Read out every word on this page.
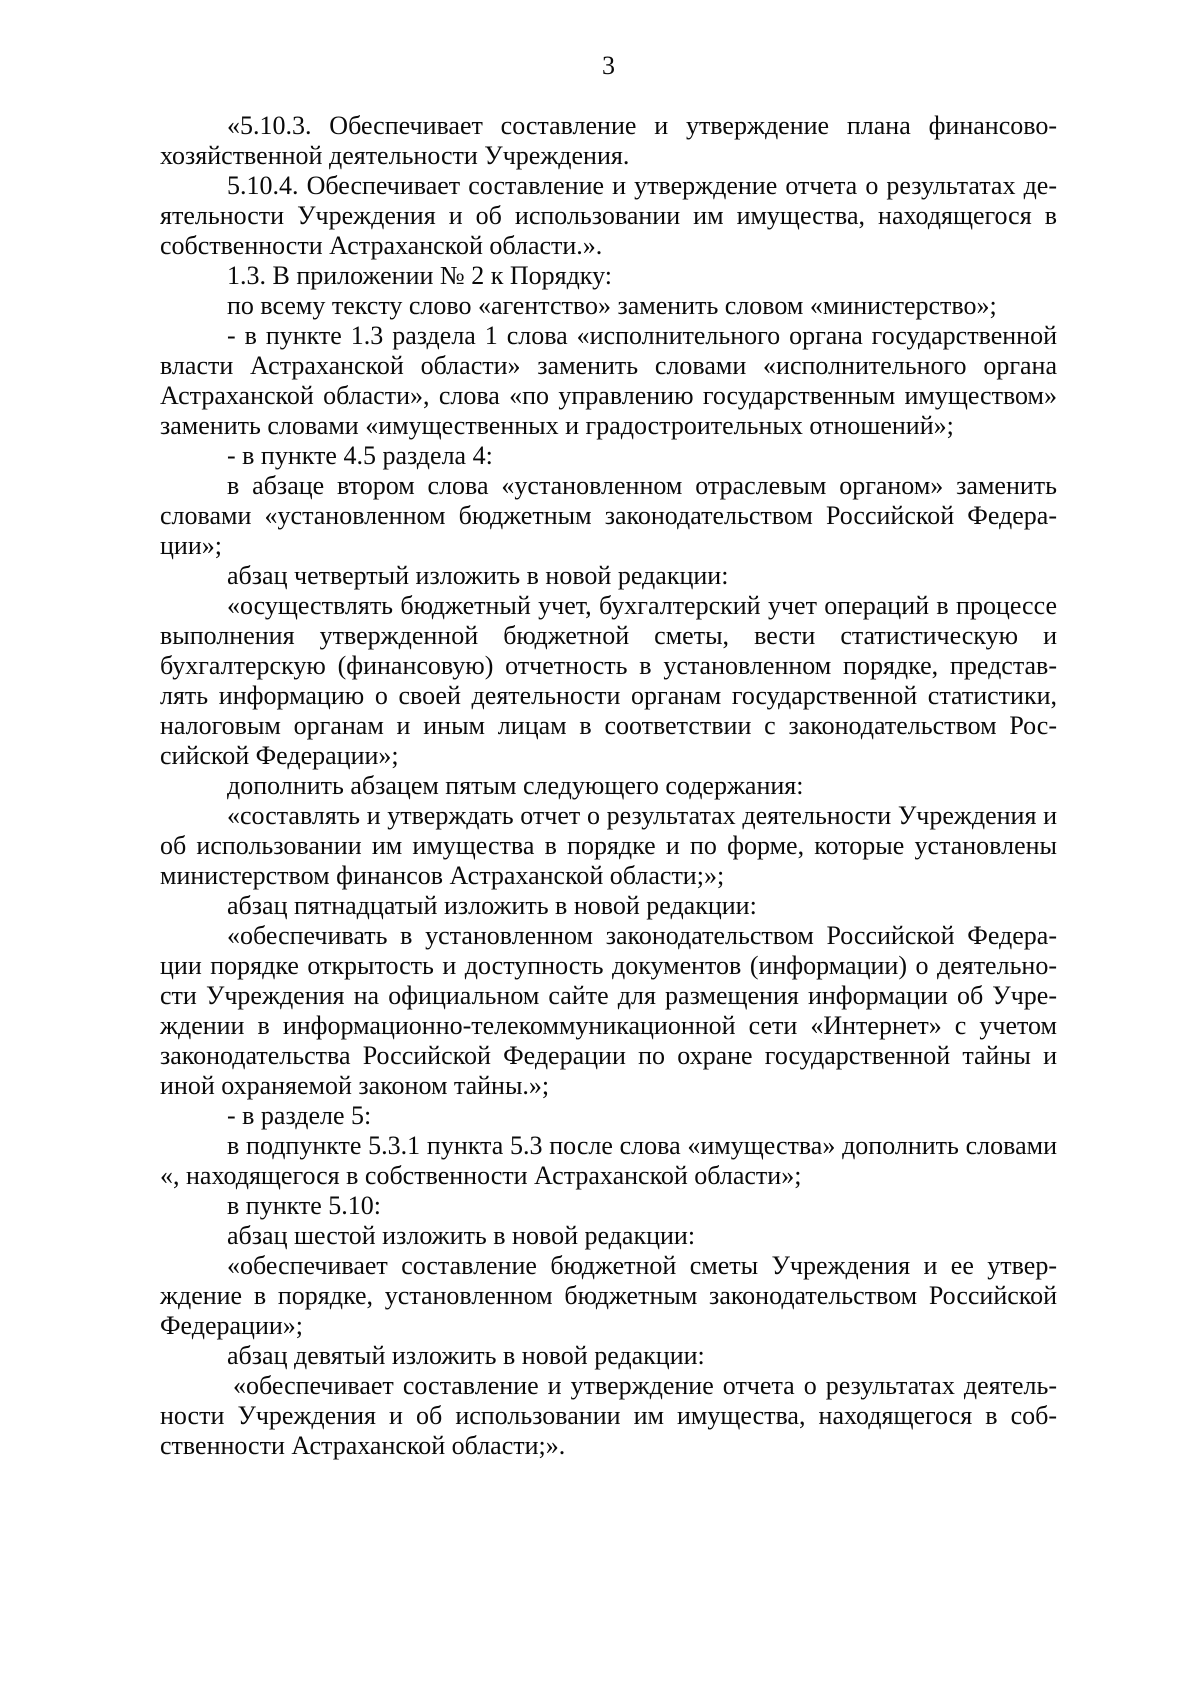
3
«5.10.3. Обеспечивает составление и утверждение плана финансово-
хозяйственной деятельности Учреждения.
5.10.4. Обеспечивает составление и утверждение отчета о результатах де-
ятельности Учреждения и об использовании им имущества, находящегося в
собственности Астраханской области.».
1.3. В приложении № 2 к Порядку:
по всему тексту слово «агентство» заменить словом «министерство»;
- в пункте 1.3 раздела 1 слова «исполнительного органа государственной
власти Астраханской области» заменить словами «исполнительного органа
Астраханской области», слова «по управлению государственным имуществом»
заменить словами «имущественных и градостроительных отношений»;
- в пункте 4.5 раздела 4:
в абзаце втором слова «установленном отраслевым органом» заменить
словами «установленном бюджетным законодательством Российской Федера-
ции»;
абзац четвертый изложить в новой редакции:
«осуществлять бюджетный учет, бухгалтерский учет операций в процессе
выполнения утвержденной бюджетной сметы, вести статистическую и
бухгалтерскую (финансовую) отчетность в установленном порядке, представ-
лять информацию о своей деятельности органам государственной статистики,
налоговым органам и иным лицам в соответствии с законодательством Рос-
сийской Федерации»;
дополнить абзацем пятым следующего содержания:
«составлять и утверждать отчет о результатах деятельности Учреждения и
об использовании им имущества в порядке и по форме, которые установлены
министерством финансов Астраханской области;»;
абзац пятнадцатый изложить в новой редакции:
«обеспечивать в установленном законодательством Российской Федера-
ции порядке открытость и доступность документов (информации) о деятельно-
сти Учреждения на официальном сайте для размещения информации об Учре-
ждении в информационно-телекоммуникационной сети «Интернет» с учетом
законодательства Российской Федерации по охране государственной тайны и
иной охраняемой законом тайны.»;
- в разделе 5:
в подпункте 5.3.1 пункта 5.3 после слова «имущества» дополнить словами
«, находящегося в собственности Астраханской области»;
в пункте 5.10:
абзац шестой изложить в новой редакции:
«обеспечивает составление бюджетной сметы Учреждения и ее утвер-
ждение в порядке, установленном бюджетным законодательством Российской
Федерации»;
абзац девятый изложить в новой редакции:
«обеспечивает составление и утверждение отчета о результатах деятель-
ности Учреждения и об использовании им имущества, находящегося в соб-
ственности Астраханской области;».
